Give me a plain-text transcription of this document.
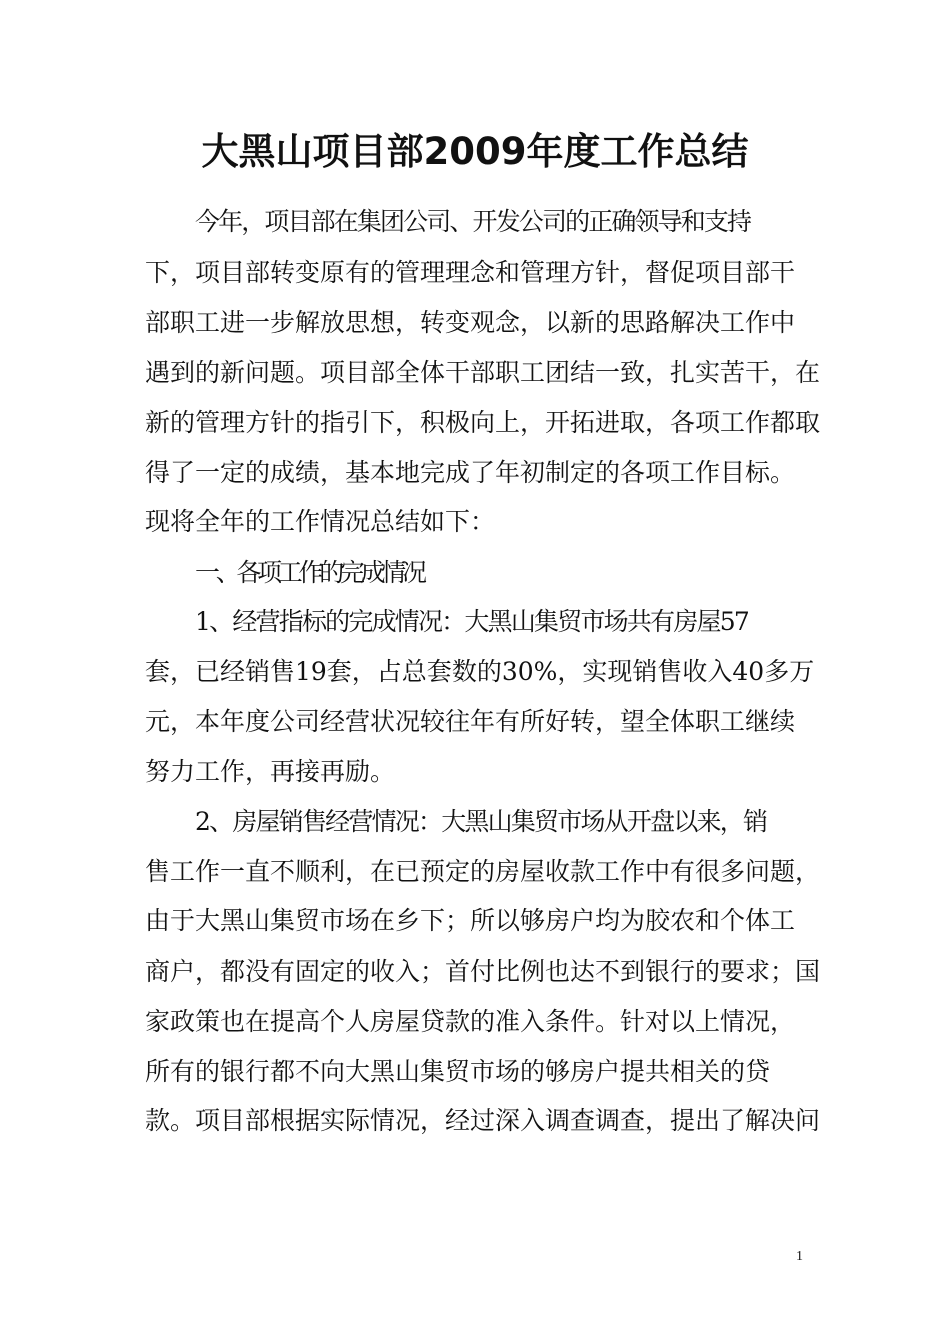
大黑山项目部2009年度工作总结

今年，项目部在集团公司、开发公司的正确领导和支持

下，项目部转变原有的管理理念和管理方针，督促项目部干

部职工进一步解放思想，转变观念，以新的思路解决工作中

遇到的新问题。项目部全体干部职工团结一致，扎实苦干，在

新的管理方针的指引下，积极向上，开拓进取，各项工作都取

得了一定的成绩，基本地完成了年初制定的各项工作目标。

现将全年的工作情况总结如下：

一、各项工作的完成情况

1、经营指标的完成情况：大黑山集贸市场共有房屋57

套，已经销售19套，占总套数的30%，实现销售收入40多万

元，本年度公司经营状况较往年有所好转，望全体职工继续

努力工作，再接再励。

2、房屋销售经营情况：大黑山集贸市场从开盘以来，销

售工作一直不顺利，在已预定的房屋收款工作中有很多问题，

由于大黑山集贸市场在乡下；所以够房户均为胶农和个体工

商户，都没有固定的收入；首付比例也达不到银行的要求；国

家政策也在提高个人房屋贷款的准入条件。针对以上情况，

所有的银行都不向大黑山集贸市场的够房户提共相关的贷

款。项目部根据实际情况，经过深入调查调查，提出了解决问

1
